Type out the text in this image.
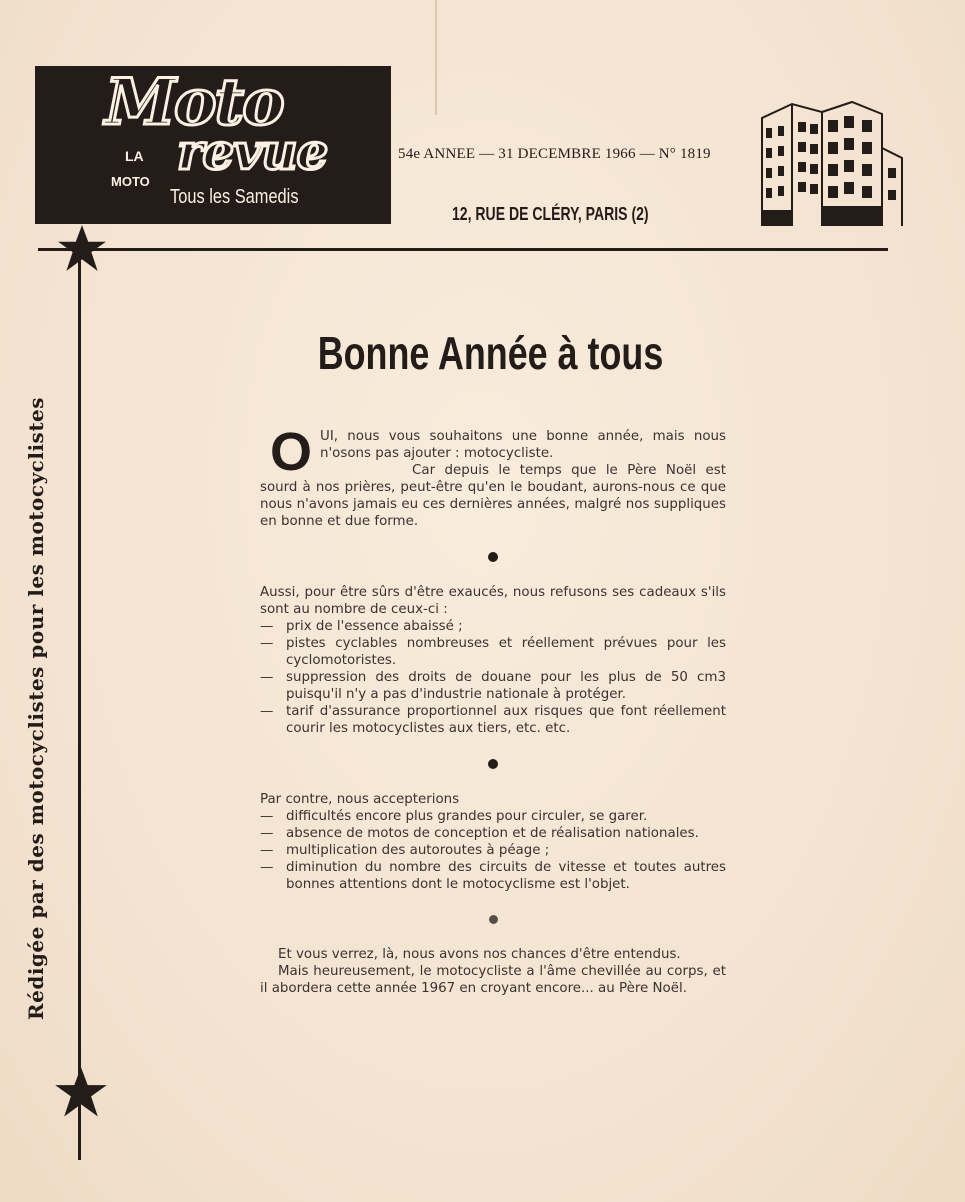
Moto
LA
MOTO
revue
Tous les Samedis
54e ANNEE — 31 DECEMBRE 1966 — N° 1819
12, RUE DE CLÉRY, PARIS (2)
Rédigée par des motocyclistes pour les motocyclistes
Bonne Année à tous

OUI, nous vous souhaitons une bonne année, mais nous n'osons pas ajouter : motocycliste.

Car depuis le temps que le Père Noël est sourd à nos prières, peut-être qu'en le boudant, aurons-nous ce que nous n'avons jamais eu ces dernières années, malgré nos suppliques en bonne et due forme.

Aussi, pour être sûrs d'être exaucés, nous refusons ses cadeaux s'ils sont au nombre de ceux-ci :

— prix de l'essence abaissé ;
— pistes cyclables nombreuses et réellement prévues pour les cyclomotoristes.
— suppression des droits de douane pour les plus de 50 cm3 puisqu'il n'y a pas d'industrie nationale à protéger.
— tarif d'assurance proportionnel aux risques que font réellement courir les motocyclistes aux tiers, etc. etc.

Par contre, nous accepterions

— difficultés encore plus grandes pour circuler, se garer.
— absence de motos de conception et de réalisation nationales.
— multiplication des autoroutes à péage ;
— diminution du nombre des circuits de vitesse et toutes autres bonnes attentions dont le motocyclisme est l'objet.

Et vous verrez, là, nous avons nos chances d'être entendus.

Mais heureusement, le motocycliste a l'âme chevillée au corps, et il abordera cette année 1967 en croyant encore... au Père Noël.
